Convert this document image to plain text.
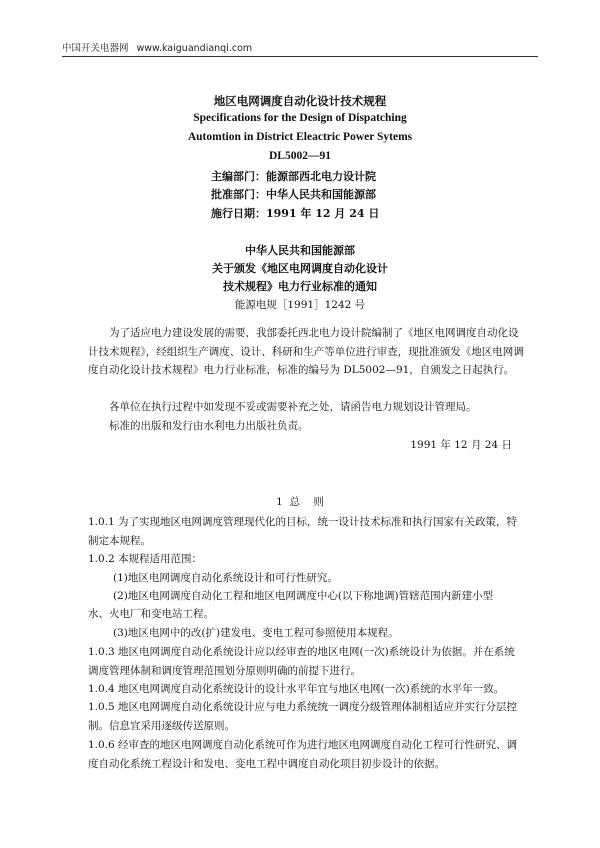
中国开关电器网 www.kaiguandianqi.com
地区电网调度自动化设计技术规程
Specifications for the Design of Dispatching
Automtion in District Eleactric Power Sytems
DL5002—91
主编部门：能源部西北电力设计院
批准部门：中华人民共和国能源部
施行日期：1991 年 12 月 24 日
中华人民共和国能源部
关于颁发《地区电网调度自动化设计
技术规程》电力行业标准的通知
能源电规［1991］1242 号
为了适应电力建设发展的需要，我部委托西北电力设计院编制了《地区电网调度自动化设计技术规程》，经组织生产调度、设计、科研和生产等单位进行审查，现批准颁发《地区电网调度自动化设计技术规程》电力行业标准，标准的编号为 DL5002—91，自颁发之日起执行。
各单位在执行过程中如发现不妥或需要补充之处，请函告电力规划设计管理局。
标准的出版和发行由水利电力出版社负责。
1991 年 12 月 24 日
1 总    则
1.0.1 为了实现地区电网调度管理现代化的目标，统一设计技术标准和执行国家有关政策，特制定本规程。
1.0.2 本规程适用范围：
(1)地区电网调度自动化系统设计和可行性研究。
(2)地区电网调度自动化工程和地区电网调度中心(以下称地调)管辖范围内新建小型
水、火电厂和变电站工程。
(3)地区电网中的改(扩)建发电、变电工程可参照使用本规程。
1.0.3 地区电网调度自动化系统设计应以经审查的地区电网(一次)系统设计为依据。并在系统调度管理体制和调度管理范围划分原则明确的前提下进行。
1.0.4 地区电网调度自动化系统设计的设计水平年宜与地区电网(一次)系统的水平年一致。
1.0.5 地区电网调度自动化系统设计应与电力系统统一调度分级管理体制相适应并实行分层控制。信息宜采用逐级传送原则。
1.0.6 经审查的地区电网调度自动化系统可作为进行地区电网调度自动化工程可行性研究、调度自动化系统工程设计和发电、变电工程中调度自动化项目初步设计的依据。
